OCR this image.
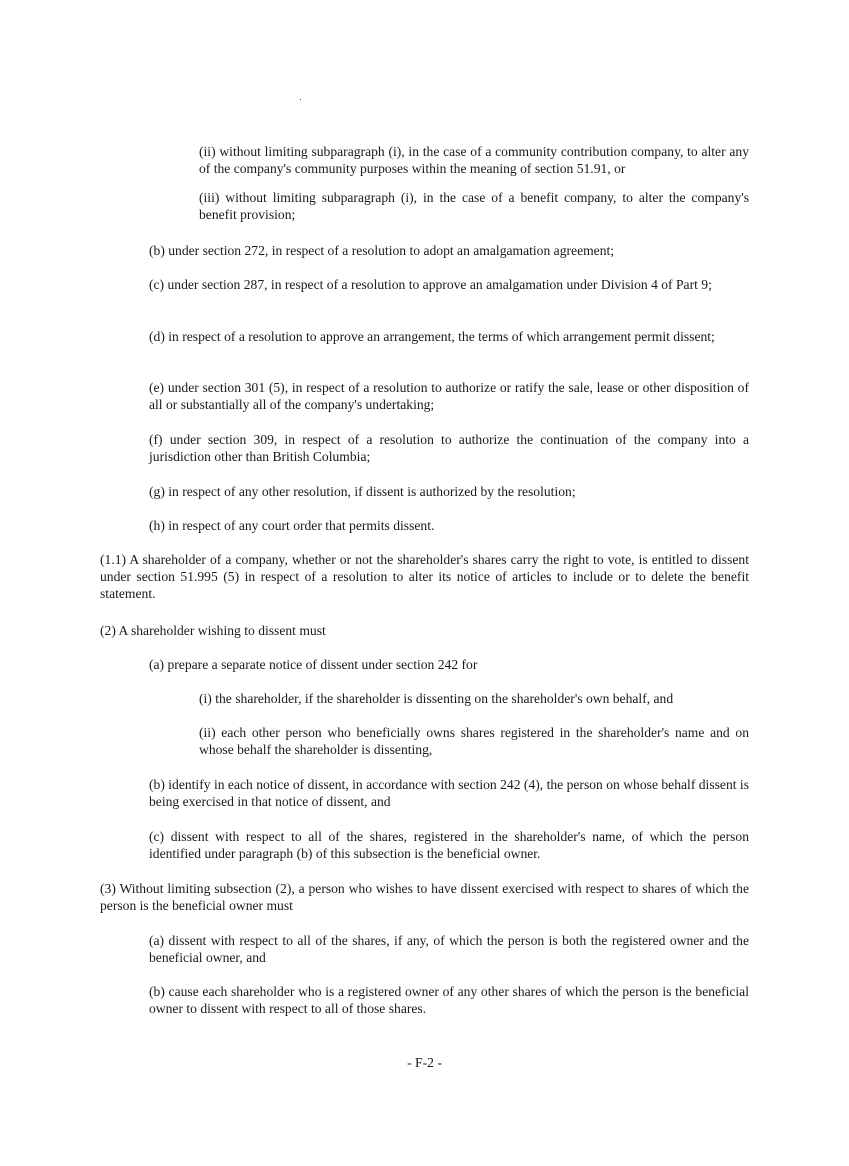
(ii) without limiting subparagraph (i), in the case of a community contribution company, to alter any of the company's community purposes within the meaning of section 51.91, or

(iii) without limiting subparagraph (i), in the case of a benefit company, to alter the company's benefit provision;

(b) under section 272, in respect of a resolution to adopt an amalgamation agreement;

(c) under section 287, in respect of a resolution to approve an amalgamation under Division 4 of Part 9;

(d) in respect of a resolution to approve an arrangement, the terms of which arrangement permit dissent;

(e) under section 301 (5), in respect of a resolution to authorize or ratify the sale, lease or other disposition of all or substantially all of the company's undertaking;

(f) under section 309, in respect of a resolution to authorize the continuation of the company into a jurisdiction other than British Columbia;

(g) in respect of any other resolution, if dissent is authorized by the resolution;

(h) in respect of any court order that permits dissent.

(1.1) A shareholder of a company, whether or not the shareholder's shares carry the right to vote, is entitled to dissent under section 51.995 (5) in respect of a resolution to alter its notice of articles to include or to delete the benefit statement.

(2) A shareholder wishing to dissent must

(a) prepare a separate notice of dissent under section 242 for

(i) the shareholder, if the shareholder is dissenting on the shareholder's own behalf, and

(ii) each other person who beneficially owns shares registered in the shareholder's name and on whose behalf the shareholder is dissenting,

(b) identify in each notice of dissent, in accordance with section 242 (4), the person on whose behalf dissent is being exercised in that notice of dissent, and

(c) dissent with respect to all of the shares, registered in the shareholder's name, of which the person identified under paragraph (b) of this subsection is the beneficial owner.

(3) Without limiting subsection (2), a person who wishes to have dissent exercised with respect to shares of which the person is the beneficial owner must

(a) dissent with respect to all of the shares, if any, of which the person is both the registered owner and the beneficial owner, and

(b) cause each shareholder who is a registered owner of any other shares of which the person is the beneficial owner to dissent with respect to all of those shares.

- F-2 -
